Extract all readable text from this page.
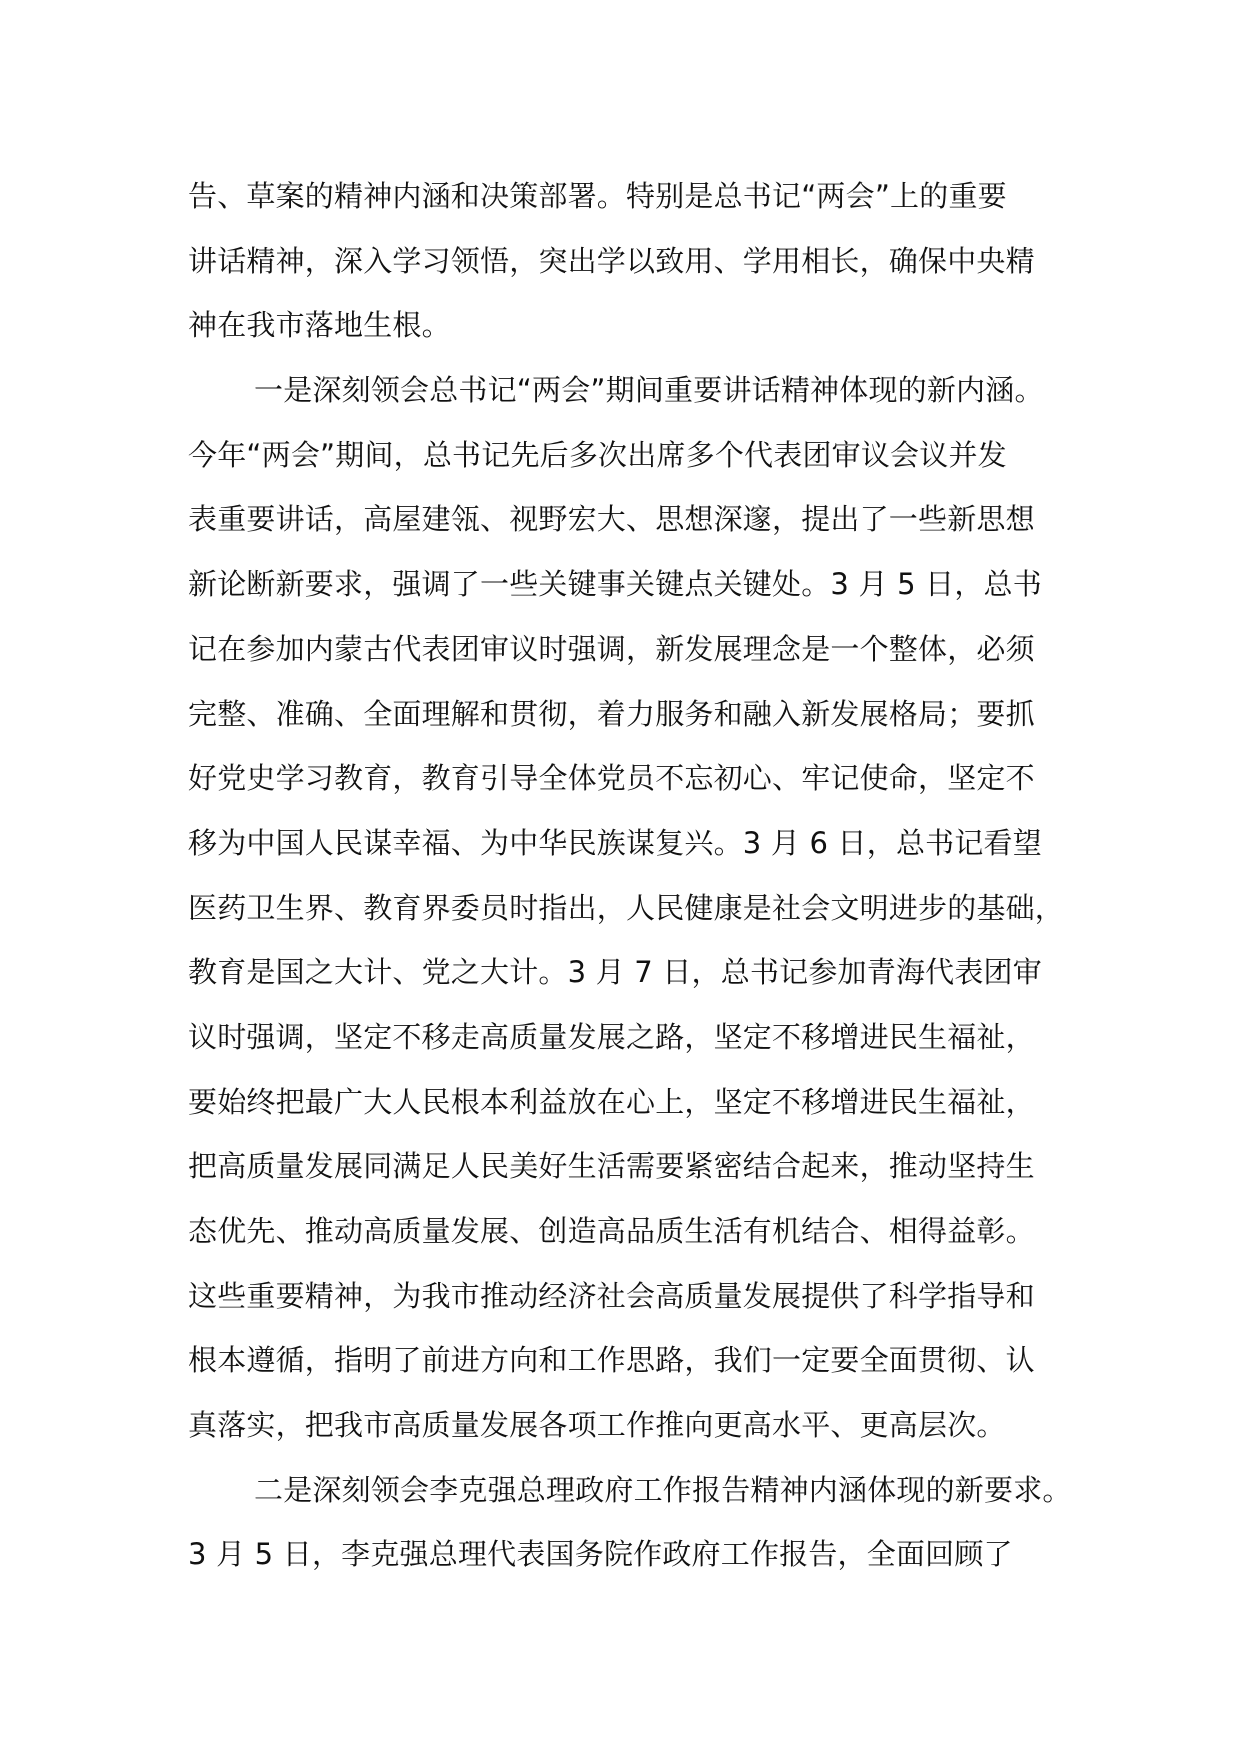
告、草案的精神内涵和决策部署。特别是总书记“两会”上的重要
讲话精神，深入学习领悟，突出学以致用、学用相长，确保中央精
神在我市落地生根。
一是深刻领会总书记“两会”期间重要讲话精神体现的新内涵。
今年“两会”期间，总书记先后多次出席多个代表团审议会议并发
表重要讲话，高屋建瓴、视野宏大、思想深邃，提出了一些新思想
新论断新要求，强调了一些关键事关键点关键处。3 月 5 日，总书
记在参加内蒙古代表团审议时强调，新发展理念是一个整体，必须
完整、准确、全面理解和贯彻，着力服务和融入新发展格局；要抓
好党史学习教育，教育引导全体党员不忘初心、牢记使命，坚定不
移为中国人民谋幸福、为中华民族谋复兴。3 月 6 日，总书记看望
医药卫生界、教育界委员时指出，人民健康是社会文明进步的基础，
教育是国之大计、党之大计。3 月 7 日，总书记参加青海代表团审
议时强调，坚定不移走高质量发展之路，坚定不移增进民生福祉，
要始终把最广大人民根本利益放在心上，坚定不移增进民生福祉，
把高质量发展同满足人民美好生活需要紧密结合起来，推动坚持生
态优先、推动高质量发展、创造高品质生活有机结合、相得益彰。
这些重要精神，为我市推动经济社会高质量发展提供了科学指导和
根本遵循，指明了前进方向和工作思路，我们一定要全面贯彻、认
真落实，把我市高质量发展各项工作推向更高水平、更高层次。
二是深刻领会李克强总理政府工作报告精神内涵体现的新要求。
3 月 5 日，李克强总理代表国务院作政府工作报告，全面回顾了
